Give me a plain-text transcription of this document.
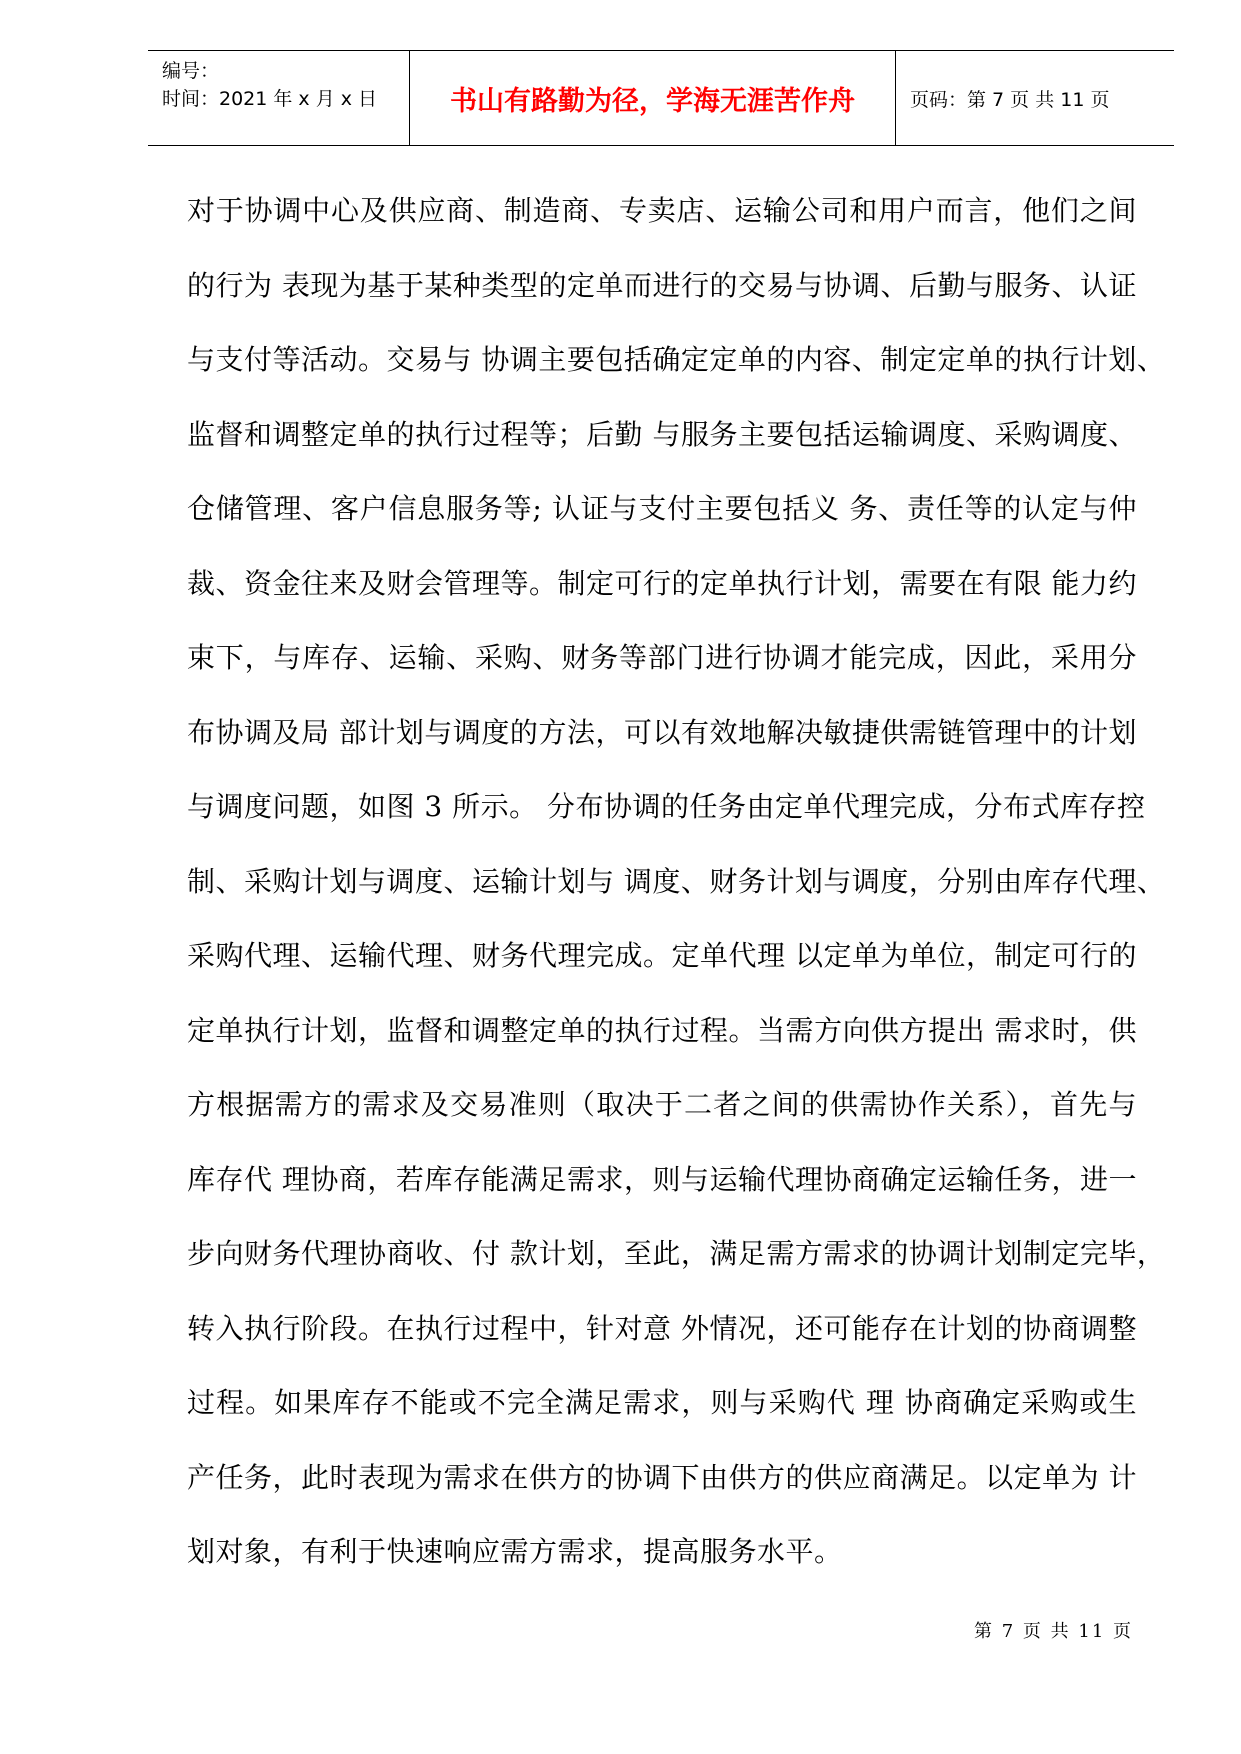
编号：
时间：2021 年 x 月 x 日	书山有路勤为径，学海无涯苦作舟	页码：第 7 页 共 11 页
对于协调中心及供应商、制造商、专卖店、运输公司和用户而言，他们之间
的行为 表现为基于某种类型的定单而进行的交易与协调、后勤与服务、认证
与支付等活动。交易与 协调主要包括确定定单的内容、制定定单的执行计划、
监督和调整定单的执行过程等；后勤 与服务主要包括运输调度、采购调度、
仓储管理、客户信息服务等; 认证与支付主要包括义 务、责任等的认定与仲
裁、资金往来及财会管理等。制定可行的定单执行计划，需要在有限 能力约
束下，与库存、运输、采购、财务等部门进行协调才能完成，因此，采用分
布协调及局 部计划与调度的方法，可以有效地解决敏捷供需链管理中的计划
与调度问题，如图 3 所示。 分布协调的任务由定单代理完成，分布式库存控
制、采购计划与调度、运输计划与 调度、财务计划与调度，分别由库存代理、
采购代理、运输代理、财务代理完成。定单代理 以定单为单位，制定可行的
定单执行计划，监督和调整定单的执行过程。当需方向供方提出 需求时，供
方根据需方的需求及交易准则（取决于二者之间的供需协作关系），首先与
库存代 理协商，若库存能满足需求，则与运输代理协商确定运输任务，进一
步向财务代理协商收、付 款计划，至此，满足需方需求的协调计划制定完毕，
转入执行阶段。在执行过程中，针对意 外情况，还可能存在计划的协商调整
过程。如果库存不能或不完全满足需求，则与采购代 理 协商确定采购或生
产任务，此时表现为需求在供方的协调下由供方的供应商满足。以定单为 计
划对象，有利于快速响应需方需求，提高服务水平。
第 7 页 共 11 页
